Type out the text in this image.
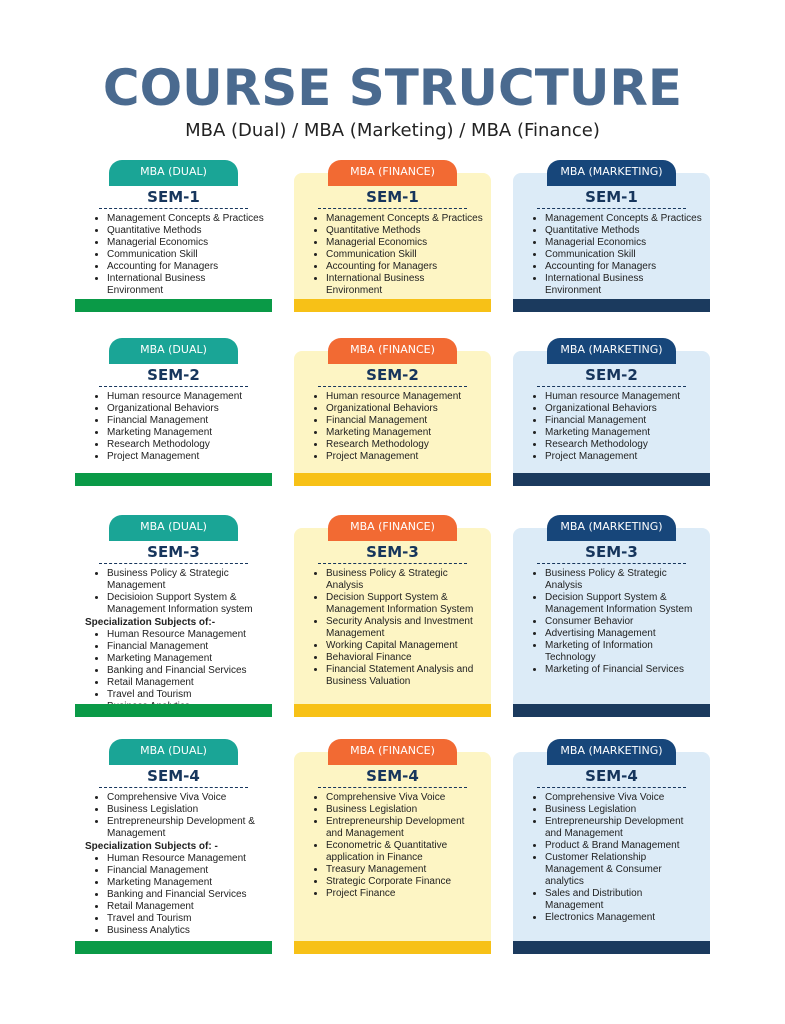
COURSE STRUCTURE
MBA (Dual) / MBA (Marketing) / MBA (Finance)
MBA (DUAL)
SEM-1
• Management Concepts & Practices
• Quantitative Methods
• Managerial Economics
• Communication Skill
• Accounting for Managers
• International Business Environment
MBA (FINANCE)
SEM-1
• Management Concepts & Practices
• Quantitative Methods
• Managerial Economics
• Communication Skill
• Accounting for Managers
• International Business Environment
MBA (MARKETING)
SEM-1
• Management Concepts & Practices
• Quantitative Methods
• Managerial Economics
• Communication Skill
• Accounting for Managers
• International Business Environment
MBA (DUAL)
SEM-2
• Human resource Management
• Organizational Behaviors
• Financial Management
• Marketing Management
• Research Methodology
• Project Management
MBA (FINANCE)
SEM-2
• Human resource Management
• Organizational Behaviors
• Financial Management
• Marketing Management
• Research Methodology
• Project Management
MBA (MARKETING)
SEM-2
• Human resource Management
• Organizational Behaviors
• Financial Management
• Marketing Management
• Research Methodology
• Project Management
MBA (DUAL)
SEM-3
• Business Policy & Strategic Management
• Decisioion Support System & Management Information system
Specialization Subjects of:-
• Human Resource Management
• Financial Management
• Marketing Management
• Banking and Financial Services
• Retail Management
• Travel and Tourism
•
MBA (FINANCE)
SEM-3
• Business Policy & Strategic Analysis
• Decision Support System & Management Information System
• Security Analysis and Investment Management
• Working Capital Management
• Behavioral Finance
• Financial Statement Analysis and Business Valuation
MBA (MARKETING)
SEM-3
• Business Policy & Strategic Analysis
• Decision Support System & Management Information System
• Consumer Behavior
• Advertising Management
• Marketing of Information Technology
• Marketing of Financial Services
MBA (DUAL)
SEM-4
• Comprehensive Viva Voice
• Business Legislation
• Entrepreneurship Development & Management
Specialization Subjects of: -
• Human Resource Management
• Financial Management
• Marketing Management
• Banking and Financial Services
• Retail Management
• Travel and Tourism
• Business Analytics
MBA (FINANCE)
SEM-4
• Comprehensive Viva Voice
• Business Legislation
• Entrepreneurship Development and Management
• Econometric & Quantitative application in Finance
• Treasury Management
• Strategic Corporate Finance
• Project Finance
MBA (MARKETING)
SEM-4
• Comprehensive Viva Voice
• Business Legislation
• Entrepreneurship Development and Management
• Product & Brand Management
• Customer Relationship Management & Consumer analytics
• Sales and Distribution Management
• Electronics Management
